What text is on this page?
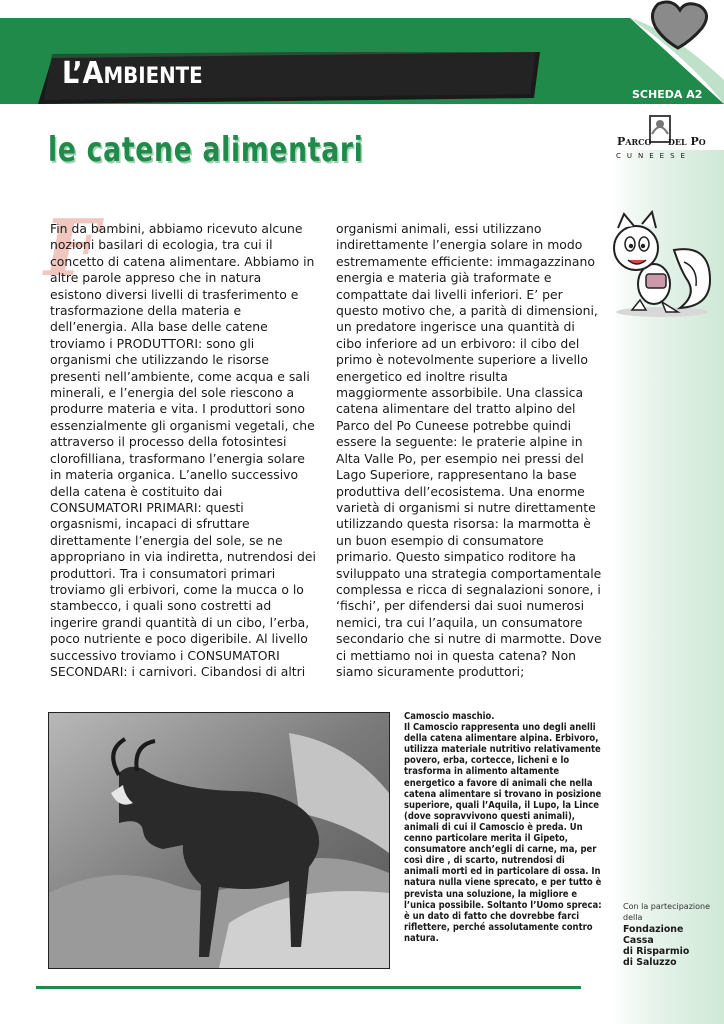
L’AMBIENTE
SCHEDA A2
le catene alimentari	Parco del Po
CUNEESE
F

Fin da bambini, abbiamo ricevuto alcune nozioni basilari di ecologia, tra cui il concetto di catena alimentare. Abbiamo in altre parole appreso che in natura esistono diversi livelli di trasferimento e trasformazione della materia e dell’energia. Alla base delle catene troviamo i PRODUTTORI: sono gli organismi che utilizzando le risorse presenti nell’ambiente, come acqua e sali minerali, e l’energia del sole riescono a produrre materia e vita. I produttori sono essenzialmente gli organismi vegetali, che attraverso il processo della fotosintesi clorofilliana, trasformano l’energia solare in materia organica. L’anello successivo della catena è costituito dai CONSUMATORI PRIMARI: questi orgasnismi, incapaci di sfruttare direttamente l’energia del sole, se ne appropriano in via indiretta, nutrendosi dei produttori. Tra i consumatori primari troviamo gli erbivori, come la mucca o lo stambecco, i quali sono costretti ad ingerire grandi quantità di un cibo, l’erba, poco nutriente e poco digeribile. Al livello successivo troviamo i CONSUMATORI SECONDARI: i carnivori. Cibandosi di altri

organismi animali, essi utilizzano indirettamente l’energia solare in modo estremamente efficiente: immagazzinano energia e materia già traformate e compattate dai livelli inferiori. E’ per questo motivo che, a parità di dimensioni, un predatore ingerisce una quantità di cibo inferiore ad un erbivoro: il cibo del primo è notevolmente superiore a livello energetico ed inoltre risulta maggiormente assorbibile. Una classica catena alimentare del tratto alpino del Parco del Po Cuneese potrebbe quindi essere la seguente: le praterie alpine in Alta Valle Po, per esempio nei pressi del Lago Superiore, rappresentano la base produttiva dell’ecosistema. Una enorme varietà di organismi si nutre direttamente utilizzando questa risorsa: la marmotta è un buon esempio di consumatore primario. Questo simpatico roditore ha sviluppato una strategia comportamentale complessa e ricca di segnalazioni sonore, i ‘fischi’, per difendersi dai suoi numerosi nemici, tra cui l’aquila, un consumatore secondario che si nutre di marmotte. Dove ci mettiamo noi in questa catena? Non siamo sicuramente produttori;

Camoscio maschio.
Il Camoscio rappresenta uno degli anelli della catena alimentare alpina. Erbivoro, utilizza materiale nutritivo relativamente povero, erba, cortecce, licheni e lo trasforma in alimento altamente energetico a favore di animali che nella catena alimentare si trovano in posizione superiore, quali l’Aquila, il Lupo, la Lince (dove sopravvivono questi animali), animali di cui il Camoscio è preda. Un cenno particolare merita il Gipeto, consumatore anch’egli di carne, ma, per così dire , di scarto, nutrendosi di animali morti ed in particolare di ossa. In natura nulla viene sprecato, e per tutto è prevista una soluzione, la migliore e l’unica possibile. Soltanto l’Uomo spreca: è un dato di fatto che dovrebbe farci riflettere, perché assolutamente contro natura.
Con la partecipazione
della
Fondazione
Cassa
di Risparmio
di Saluzzo
